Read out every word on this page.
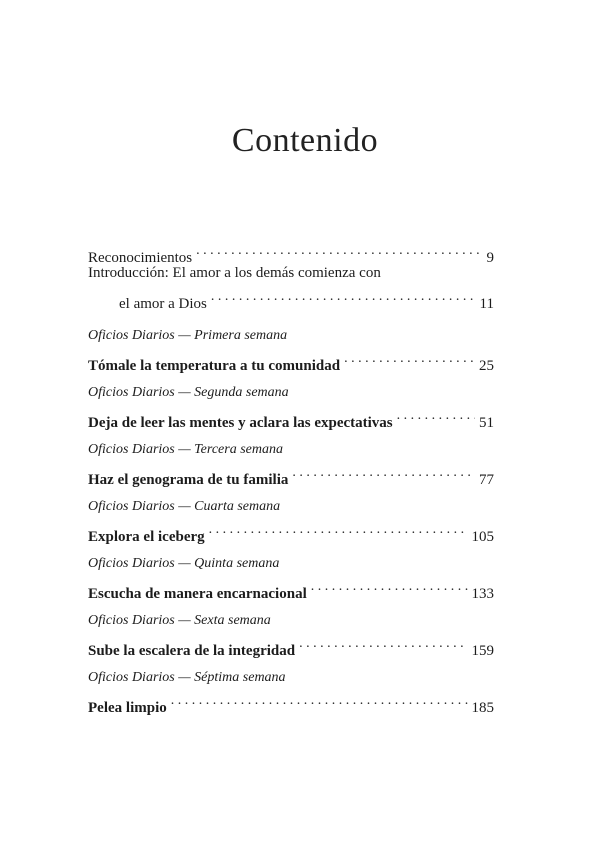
Contenido
Reconocimientos . . .	9
Introducción: El amor a los demás comienza con
el amor a Dios . . .	11
Oficios Diarios — Primera semana
Tómale la temperatura a tu comunidad . . .	25
Oficios Diarios — Segunda semana
Deja de leer las mentes y aclara las expectativas . . .	51
Oficios Diarios — Tercera semana
Haz el genograma de tu familia . . .	77
Oficios Diarios — Cuarta semana
Explora el iceberg . . .	105
Oficios Diarios — Quinta semana
Escucha de manera encarnacional . . .	133
Oficios Diarios — Sexta semana
Sube la escalera de la integridad . . .	159
Oficios Diarios — Séptima semana
Pelea limpio . . .	185
